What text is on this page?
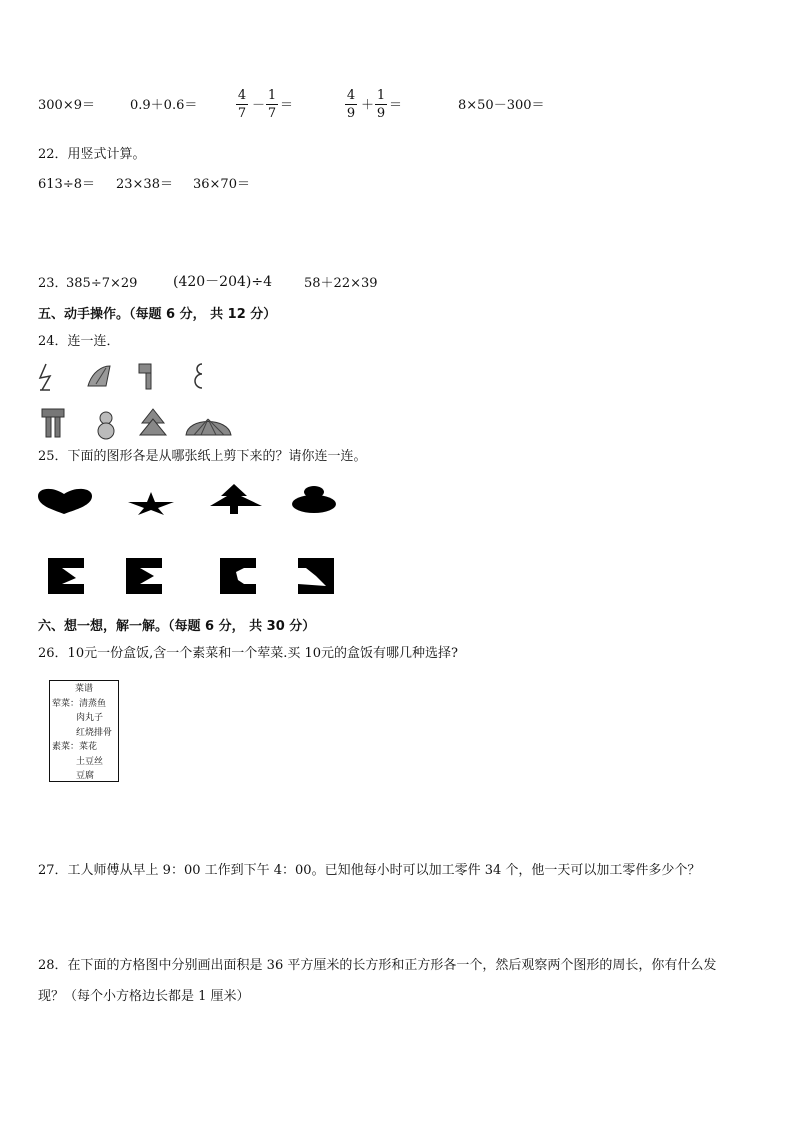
300×9＝	0.9＋0.6＝
4
7
－
1
7
＝
4
9
＋
1
9
＝	8×50－300＝
22．用竖式计算。
613÷8＝ 23×38＝ 36×70＝
23．
385÷7×29	(420－204)÷4 58＋22×39
五、动手操作。（每题 6 分， 共 12 分）
24．连一连．
25．下面的图形各是从哪张纸上剪下来的？请你连一连。
六、想一想，解一解。（每题 6 分， 共 30 分）
26．10元一份盒饭,含一个素菜和一个荤菜.买 10元的盒饭有哪几种选择?
菜谱
荤菜：清蒸鱼
肉丸子
红烧排骨
素菜：菜花
土豆丝
豆腐
27．工人师傅从早上 9：00 工作到下午 4：00。已知他每小时可以加工零件 34 个，他一天可以加工零件多少个？
28．在下面的方格图中分别画出面积是 36 平方厘米的长方形和正方形各一个，然后观察两个图形的周长，你有什么发
现？（每个小方格边长都是 1 厘米）
